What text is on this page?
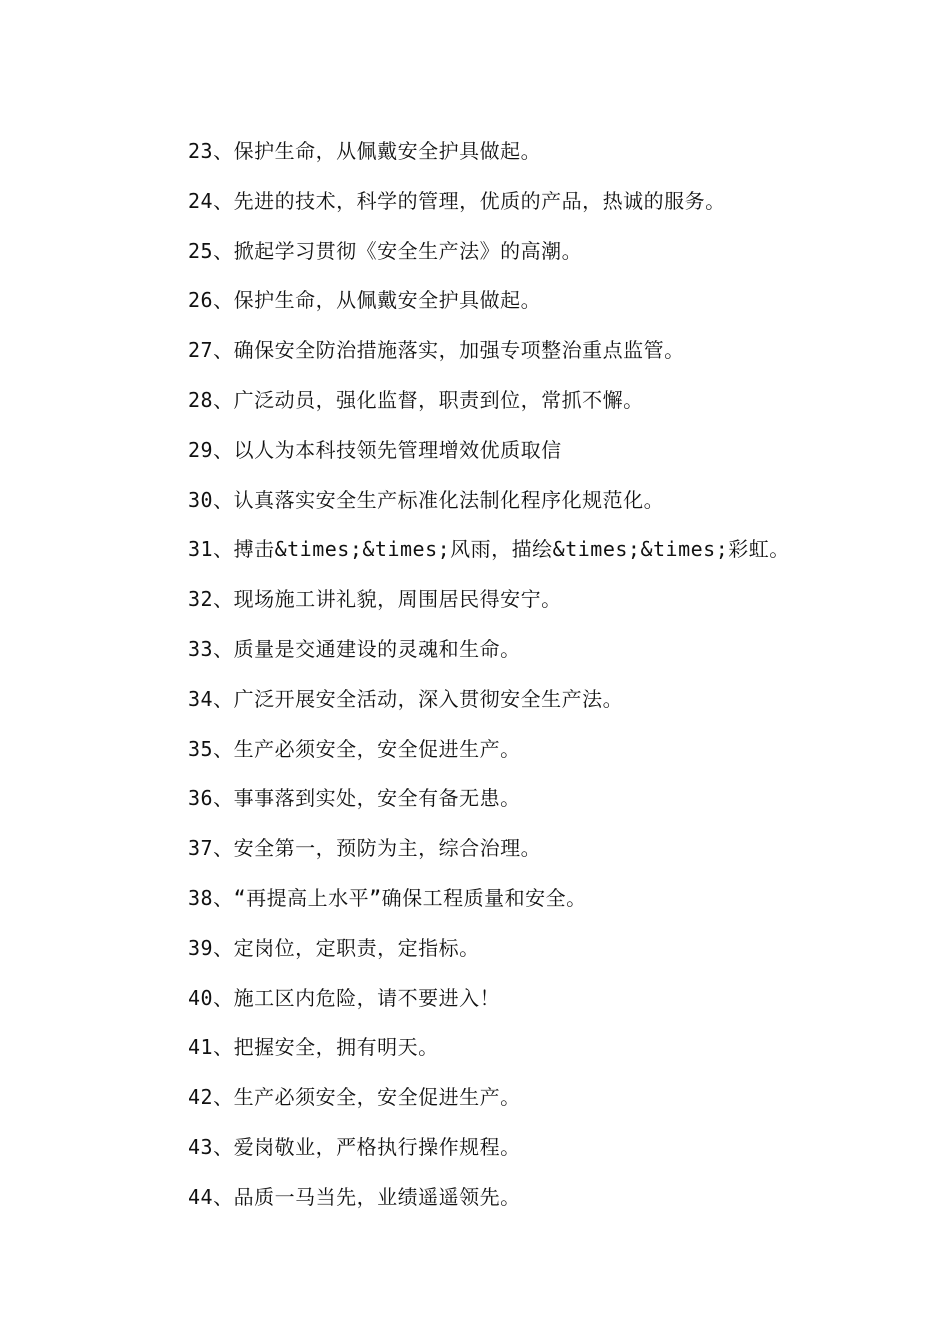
23、保护生命，从佩戴安全护具做起。
24、先进的技术，科学的管理，优质的产品，热诚的服务。
25、掀起学习贯彻《安全生产法》的高潮。
26、保护生命，从佩戴安全护具做起。
27、确保安全防治措施落实，加强专项整治重点监管。
28、广泛动员，强化监督，职责到位，常抓不懈。
29、以人为本科技领先管理增效优质取信
30、认真落实安全生产标准化法制化程序化规范化。
31、搏击&times;&times;风雨，描绘&times;&times;彩虹。
32、现场施工讲礼貌，周围居民得安宁。
33、质量是交通建设的灵魂和生命。
34、广泛开展安全活动，深入贯彻安全生产法。
35、生产必须安全，安全促进生产。
36、事事落到实处，安全有备无患。
37、安全第一，预防为主，综合治理。
38、“再提高上水平”确保工程质量和安全。
39、定岗位，定职责，定指标。
40、施工区内危险，请不要进入！
41、把握安全，拥有明天。
42、生产必须安全，安全促进生产。
43、爱岗敬业，严格执行操作规程。
44、品质一马当先，业绩遥遥领先。
